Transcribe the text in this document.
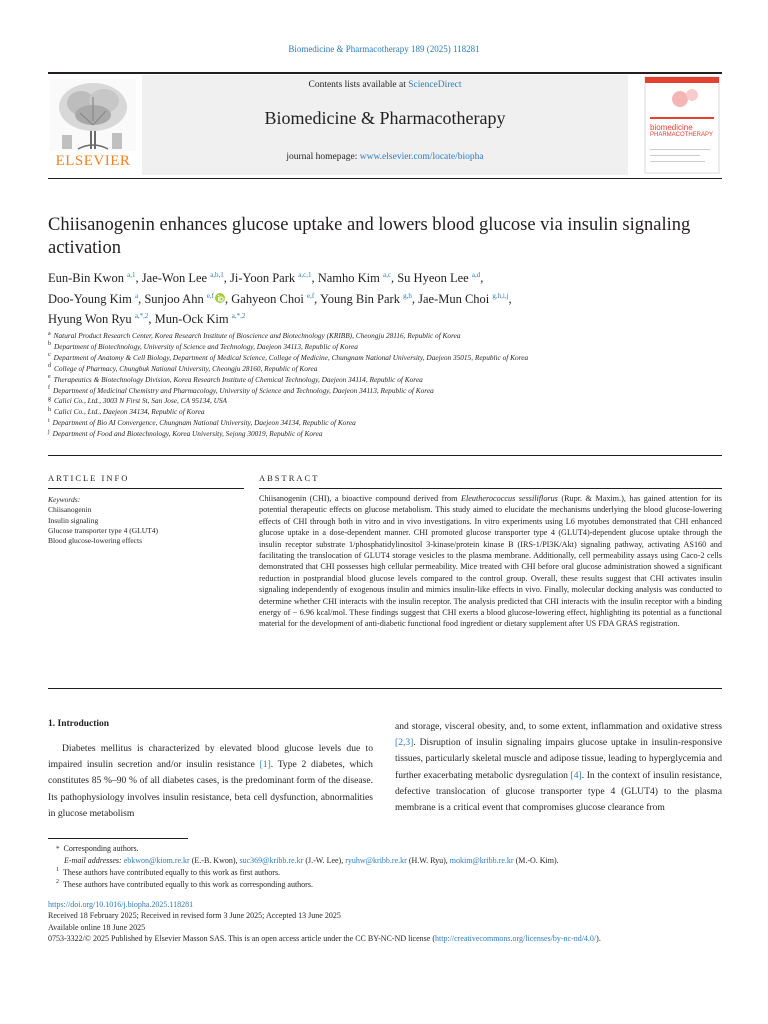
Biomedicine & Pharmacotherapy 189 (2025) 118281
ELSEVIER
Contents lists available at ScienceDirect
Biomedicine & Pharmacotherapy
journal homepage: www.elsevier.com/locate/biopha
biomedicine
PHARMACOTHERAPY
Chiisanogenin enhances glucose uptake and lowers blood glucose via insulin signaling activation
Eun-Bin Kwon $^{a,1}$, Jae-Won Lee $^{a,b,1}$, Ji-Yoon Park $^{a,c,1}$, Namho Kim $^{a,c}$, Su Hyeon Lee $^{a,d}$,
Doo-Young Kim $^a$, Sunjoo Ahn $^{e,f}$ , Gahyeon Choi $^{e,f}$, Young Bin Park $^{g,h}$, Jae-Mun Choi $^{g,h,i,j}$,
Hyung Won Ryu $^{a,*,2}$, Mun-Ock Kim $^{a,*,2}$
$^a$ Natural Product Research Center, Korea Research Institute of Bioscience and Biotechnology (KRIBB), Cheongju 28116, Republic of Korea
$^b$ Department of Biotechnology, University of Science and Technology, Daejeon 34113, Republic of Korea
$^c$ Department of Anatomy & Cell Biology, Department of Medical Science, College of Medicine, Chungnam National University, Daejeon 35015, Republic of Korea
$^d$ College of Pharmacy, Chungbuk National University, Cheongju 28160, Republic of Korea
$^e$ Therapeutics & Biotechnology Division, Korea Research Institute of Chemical Technology, Daejeon 34114, Republic of Korea
$^f$ Department of Medicinal Chemistry and Pharmacology, University of Science and Technology, Daejeon 34113, Republic of Korea
$^g$ Calici Co., Ltd., 3003 N First St, San Jose, CA 95134, USA
$^h$ Calici Co., Ltd., Daejeon 34134, Republic of Korea
$^i$ Department of Bio AI Convergence, Chungnam National University, Daejeon 34134, Republic of Korea
$^j$ Department of Food and Biotechnology, Korea University, Sejong 30019, Republic of Korea
ARTICLE INFO	ABSTRACT
Keywords:
Chiisanogenin
Insulin signaling
Glucose transporter type 4 (GLUT4)
Blood glucose-lowering effects
Chiisanogenin (CHI), a bioactive compound derived from Eleutherococcus sessiliflorus (Rupr. & Maxim.), has gained attention for its potential therapeutic effects on glucose metabolism. This study aimed to elucidate the mechanisms underlying the blood glucose-lowering effects of CHI through both in vitro and in vivo investigations. In vitro experiments using L6 myotubes demonstrated that CHI enhanced glucose uptake in a dose-dependent manner. CHI promoted glucose transporter type 4 (GLUT4)-dependent glucose uptake through the insulin receptor substrate 1/phosphatidylinositol 3-kinase/protein kinase B (IRS-1/PI3K/Akt) signaling pathway, activating AS160 and facilitating the translocation of GLUT4 storage vesicles to the plasma membrane. Additionally, cell permeability assays using Caco-2 cells demonstrated that CHI possesses high cellular permeability. Mice treated with CHI before oral glucose administration showed a significant reduction in postprandial blood glucose levels compared to the control group. Overall, these results suggest that CHI activates insulin signaling independently of exogenous insulin and mimics insulin-like effects in vivo. Finally, molecular docking analysis was conducted to determine whether CHI interacts with the insulin receptor. The analysis predicted that CHI interacts with the insulin receptor with a binding energy of − 6.96 kcal/mol. These findings suggest that CHI exerts a blood glucose-lowering effect, highlighting its potential as a functional material for the development of anti-diabetic functional food ingredient or dietary supplement after US FDA GRAS registration.
1. Introduction
Diabetes mellitus is characterized by elevated blood glucose levels due to impaired insulin secretion and/or insulin resistance [1]. Type 2 diabetes, which constitutes 85 %–90 % of all diabetes cases, is the predominant form of the disease. Its pathophysiology involves insulin resistance, beta cell dysfunction, abnormalities in glucose metabolism
and storage, visceral obesity, and, to some extent, inflammation and oxidative stress [2,3]. Disruption of insulin signaling impairs glucose uptake in insulin-responsive tissues, particularly skeletal muscle and adipose tissue, leading to hyperglycemia and further exacerbating metabolic dysregulation [4]. In the context of insulin resistance, defective translocation of glucose transporter type 4 (GLUT4) to the plasma membrane is a critical event that compromises glucose clearance from
* Corresponding authors.
E-mail addresses: ebkwon@kiom.re.kr (E.-B. Kwon), suc369@kribb.re.kr (J.-W. Lee), ryuhw@kribb.re.kr (H.W. Ryu), mokim@kribb.re.kr (M.-O. Kim).
$^1$ These authors have contributed equally to this work as first authors.
$^2$ These authors have contributed equally to this work as corresponding authors.
https://doi.org/10.1016/j.biopha.2025.118281
Received 18 February 2025; Received in revised form 3 June 2025; Accepted 13 June 2025
Available online 18 June 2025
0753-3322/© 2025 Published by Elsevier Masson SAS. This is an open access article under the CC BY-NC-ND license (http://creativecommons.org/licenses/by-nc-nd/4.0/).
